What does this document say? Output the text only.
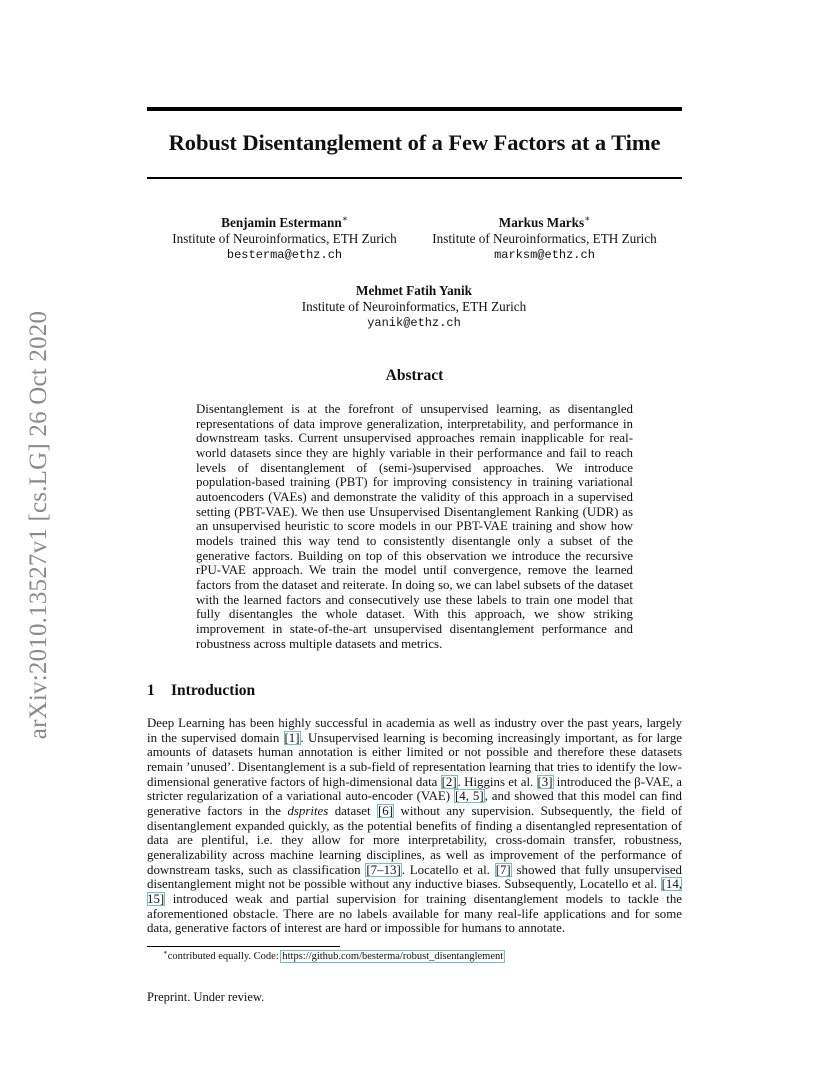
arXiv:2010.13527v1 [cs.LG] 26 Oct 2020
Robust Disentanglement of a Few Factors at a Time
Benjamin Estermann∗
Institute of Neuroinformatics, ETH Zurich
besterma@ethz.ch
Markus Marks∗
Institute of Neuroinformatics, ETH Zurich
marksm@ethz.ch
Mehmet Fatih Yanik
Institute of Neuroinformatics, ETH Zurich
yanik@ethz.ch
Abstract

Disentanglement is at the forefront of unsupervised learning, as disentangled representations of data improve generalization, interpretability, and performance in downstream tasks. Current unsupervised approaches remain inapplicable for real-world datasets since they are highly variable in their performance and fail to reach levels of disentanglement of (semi-)supervised approaches. We introduce population-based training (PBT) for improving consistency in training variational autoencoders (VAEs) and demonstrate the validity of this approach in a supervised setting (PBT-VAE). We then use Unsupervised Disentanglement Ranking (UDR) as an unsupervised heuristic to score models in our PBT-VAE training and show how models trained this way tend to consistently disentangle only a subset of the generative factors. Building on top of this observation we introduce the recursive rPU-VAE approach. We train the model until convergence, remove the learned factors from the dataset and reiterate. In doing so, we can label subsets of the dataset with the learned factors and consecutively use these labels to train one model that fully disentangles the whole dataset. With this approach, we show striking improvement in state-of-the-art unsupervised disentanglement performance and robustness across multiple datasets and metrics.

1 Introduction

Deep Learning has been highly successful in academia as well as industry over the past years, largely in the supervised domain [1]. Unsupervised learning is becoming increasingly important, as for large amounts of datasets human annotation is either limited or not possible and therefore these datasets remain ’unused’. Disentanglement is a sub-field of representation learning that tries to identify the low-dimensional generative factors of high-dimensional data [2]. Higgins et al. [3] introduced the β-VAE, a stricter regularization of a variational auto-encoder (VAE) [4, 5], and showed that this model can find generative factors in the dsprites dataset [6] without any supervision. Subsequently, the field of disentanglement expanded quickly, as the potential benefits of finding a disentangled representation of data are plentiful, i.e. they allow for more interpretability, cross-domain transfer, robustness, generalizability across machine learning disciplines, as well as improvement of the performance of downstream tasks, such as classification [7–13]. Locatello et al. [7] showed that fully unsupervised disentanglement might not be possible without any inductive biases. Subsequently, Locatello et al. [14, 15] introduced weak and partial supervision for training disentanglement models to tackle the aforementioned obstacle. There are no labels available for many real-life applications and for some data, generative factors of interest are hard or impossible for humans to annotate.

∗contributed equally. Code: https://github.com/besterma/robust_disentanglement
Preprint. Under review.
